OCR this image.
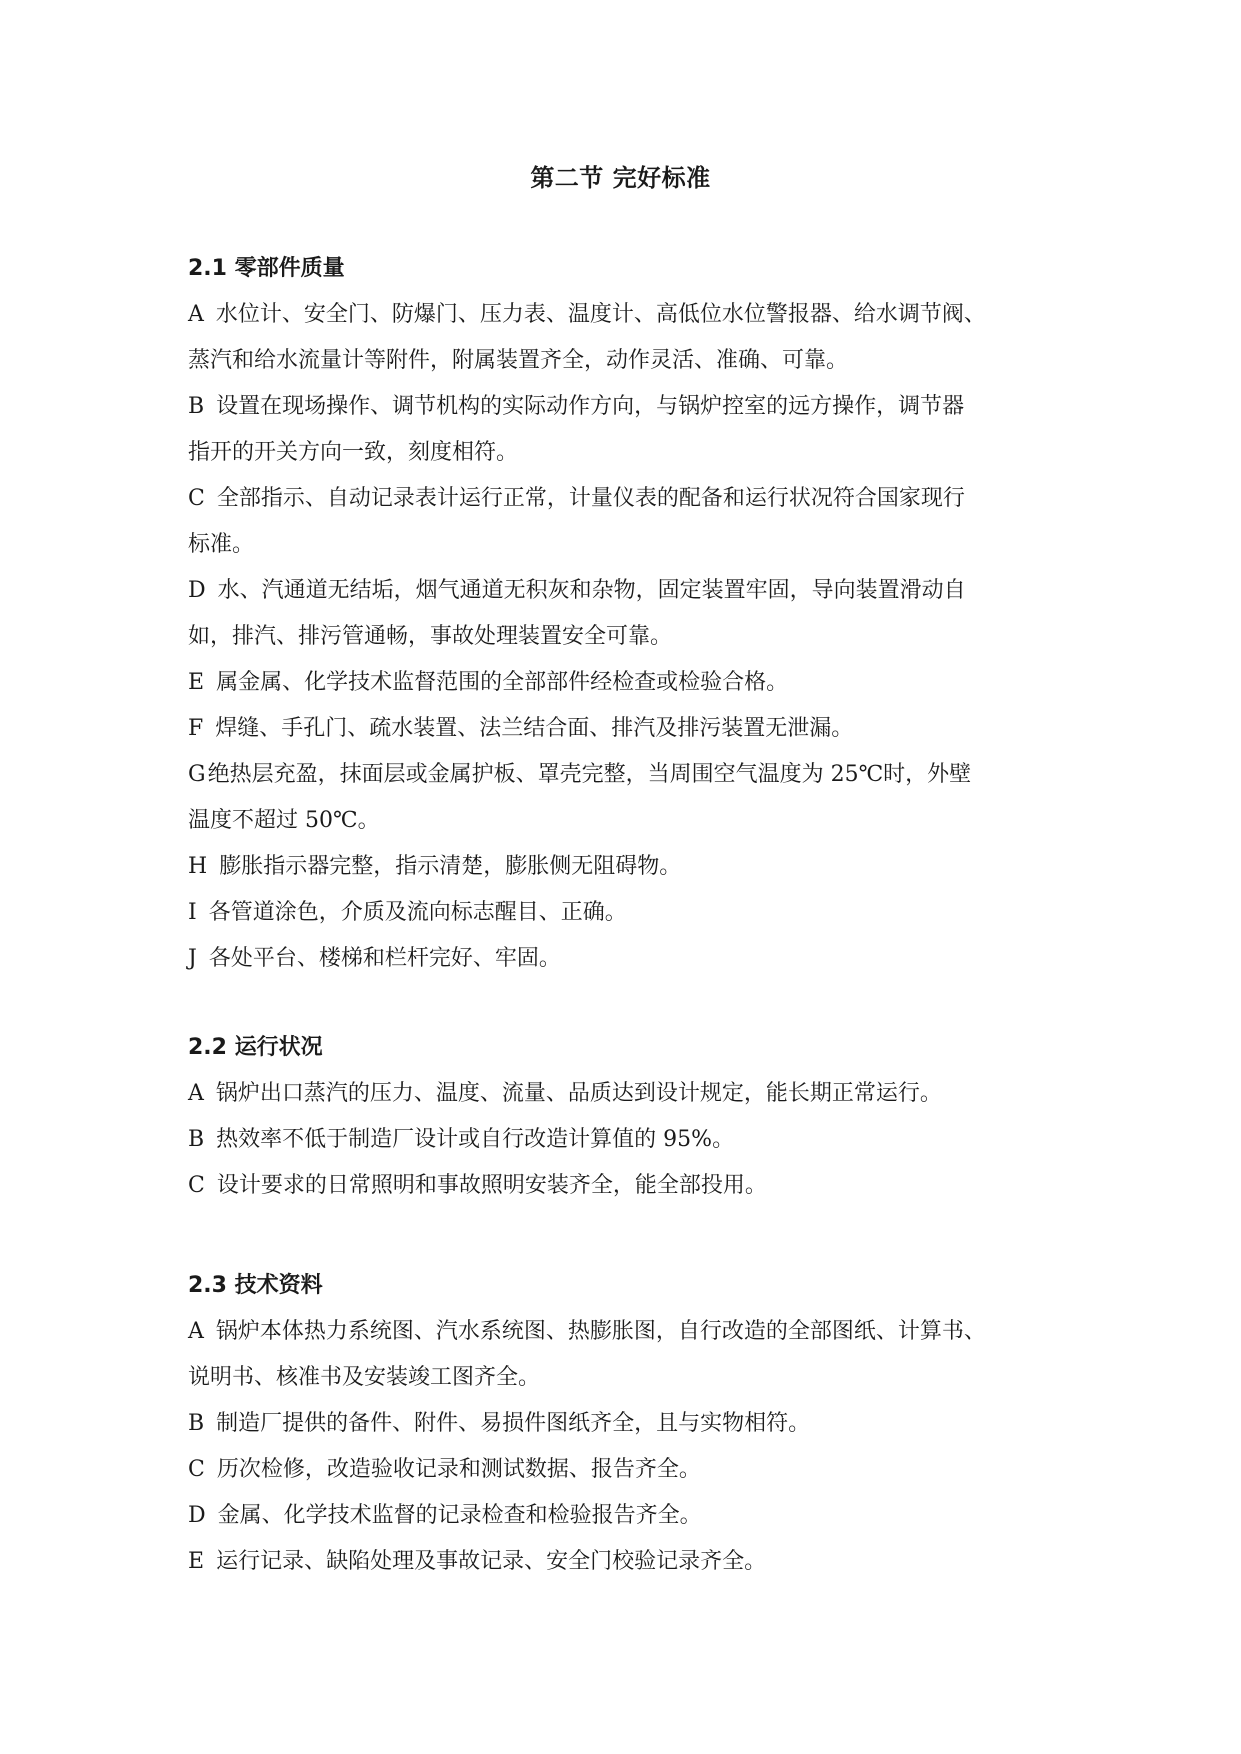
第二节 完好标准
2.1 零部件质量
A 水位计、安全门、防爆门、压力表、温度计、高低位水位警报器、给水调节阀、
蒸汽和给水流量计等附件，附属装置齐全，动作灵活、准确、可靠。
B 设置在现场操作、调节机构的实际动作方向，与锅炉控室的远方操作，调节器
指开的开关方向一致，刻度相符。
C 全部指示、自动记录表计运行正常，计量仪表的配备和运行状况符合国家现行
标准。
D 水、汽通道无结垢，烟气通道无积灰和杂物，固定装置牢固，导向装置滑动自
如，排汽、排污管通畅，事故处理装置安全可靠。
E 属金属、化学技术监督范围的全部部件经检查或检验合格。
F 焊缝、手孔门、疏水装置、法兰结合面、排汽及排污装置无泄漏。
G绝热层充盈，抹面层或金属护板、罩壳完整，当周围空气温度为 25℃时，外壁
温度不超过 50℃。
H 膨胀指示器完整，指示清楚，膨胀侧无阻碍物。
I 各管道涂色，介质及流向标志醒目、正确。
J 各处平台、楼梯和栏杆完好、牢固。
2.2 运行状况
A 锅炉出口蒸汽的压力、温度、流量、品质达到设计规定，能长期正常运行。
B 热效率不低于制造厂设计或自行改造计算值的 95%。
C 设计要求的日常照明和事故照明安装齐全，能全部投用。
2.3 技术资料
A 锅炉本体热力系统图、汽水系统图、热膨胀图，自行改造的全部图纸、计算书、
说明书、核准书及安装竣工图齐全。
B 制造厂提供的备件、附件、易损件图纸齐全，且与实物相符。
C 历次检修，改造验收记录和测试数据、报告齐全。
D 金属、化学技术监督的记录检查和检验报告齐全。
E 运行记录、缺陷处理及事故记录、安全门校验记录齐全。
